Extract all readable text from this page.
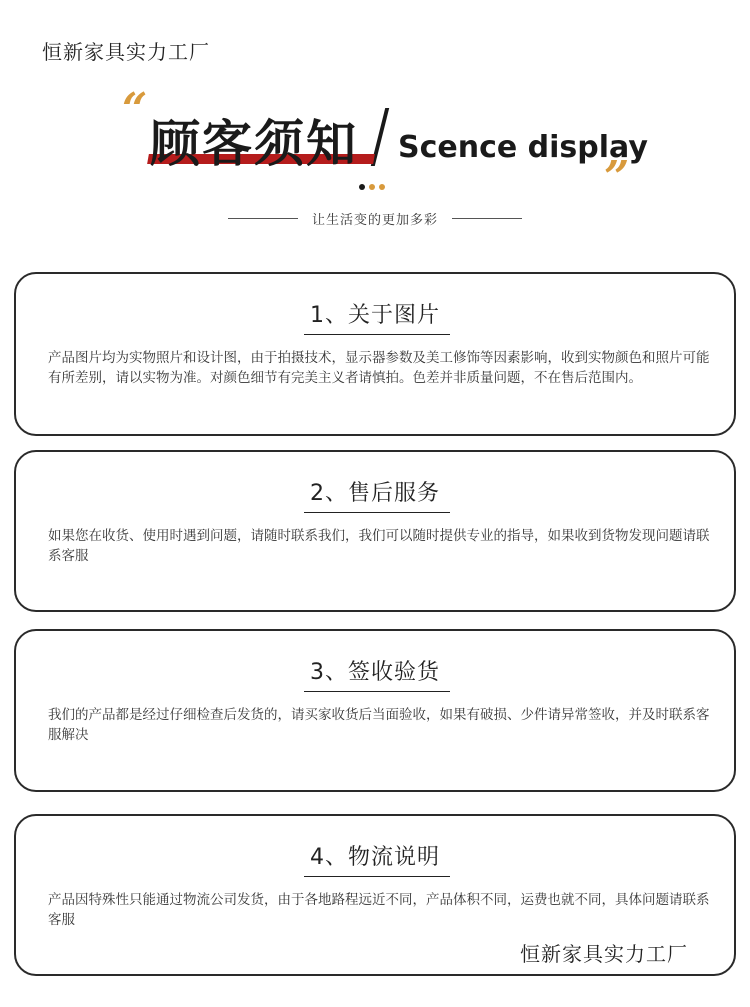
恒新家具实力工厂
“
顾客须知 Scence display
”
让生活变的更加多彩
1、关于图片
产品图片均为实物照片和设计图，由于拍摄技术，显示器参数及美工修饰等因素影响，收到实物颜色和照片可能有所差别，请以实物为准。对颜色细节有完美主义者请慎拍。色差并非质量问题，不在售后范围内。
2、售后服务
如果您在收货、使用时遇到问题，请随时联系我们，我们可以随时提供专业的指导，如果收到货物发现问题请联系客服
3、签收验货
我们的产品都是经过仔细检查后发货的，请买家收货后当面验收，如果有破损、少件请异常签收，并及时联系客服解决
4、物流说明
产品因特殊性只能通过物流公司发货，由于各地路程远近不同，产品体积不同，运费也就不同，具体问题请联系客服
恒新家具实力工厂
